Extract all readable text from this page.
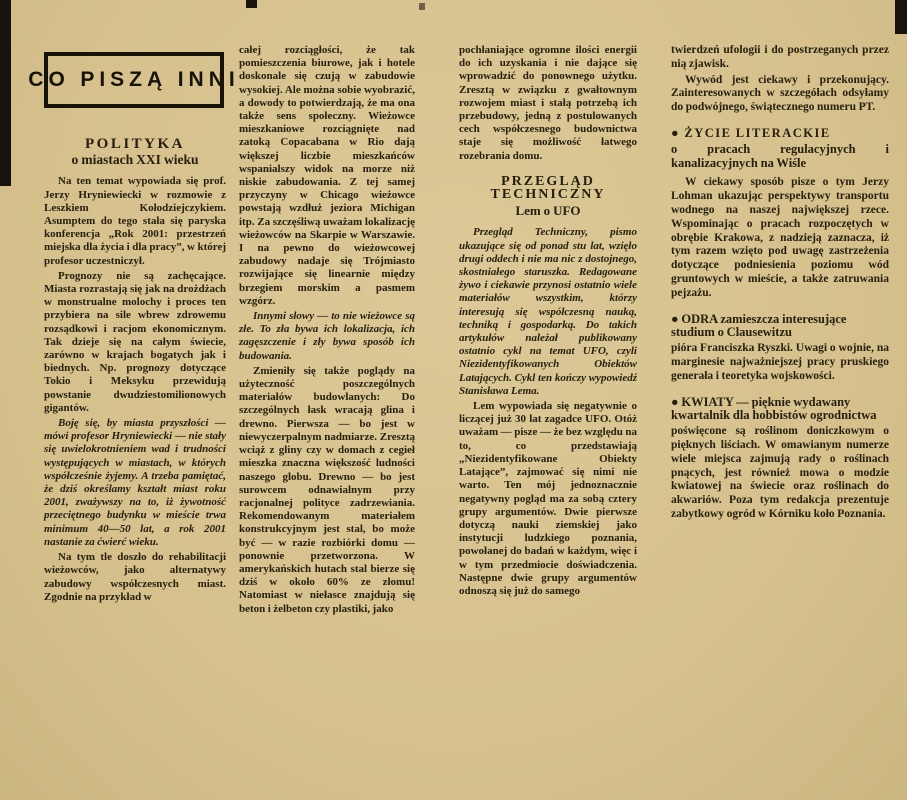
CO PISZĄ INNI
POLITYKA
o miastach XXI wieku

Na ten temat wypowiada się prof. Jerzy Hryniewiecki w rozmowie z Leszkiem Kołodziejczykiem. Asumptem do tego stała się paryska konferencja „Rok 2001: przestrzeń miejska dla życia i dla pracy”, w której profesor uczestniczył.

Prognozy nie są zachęcające. Miasta rozrastają się jak na drożdżach w monstrualne molochy i proces ten przybiera na sile wbrew zdrowemu rozsądkowi i racjom ekonomicznym. Tak dzieje się na całym świecie, zarówno w krajach bogatych jak i biednych. Np. prognozy dotyczące Tokio i Meksyku przewidują powstanie dwudziestomilionowych gigantów.

Boję się, by miasta przyszłości — mówi profesor Hryniewiecki — nie stały się uwielokrotnieniem wad i trudności występujących w miastach, w których współcześnie żyjemy. A trzeba pamiętać, że dziś określamy kształt miast roku 2001, zważywszy na to, iż żywotność przeciętnego budynku w mieście trwa minimum 40—50 lat, a rok 2001 nastanie za ćwierć wieku.

Na tym tle doszło do rehabilitacji wieżowców, jako alternatywy zabudowy współczesnych miast. Zgodnie na przykład w

całej rozciągłości, że tak pomieszczenia biurowe, jak i hotele doskonale się czują w zabudowie wysokiej. Ale można sobie wyobrazić, a dowody to potwierdzają, że ma ona także sens społeczny. Wieżowce mieszkaniowe rozciągnięte nad zatoką Copacabana w Rio dają większej liczbie mieszkańców wspanialszy widok na morze niż niskie zabudowania. Z tej samej przyczyny w Chicago wieżowce powstają wzdłuż jeziora Michigan itp. Za szczęśliwą uważam lokalizację wieżowców na Skarpie w Warszawie. I na pewno do wieżowcowej zabudowy nadaje się Trójmiasto rozwijające się linearnie między brzegiem morskim a pasmem wzgórz.

Innymi słowy — to nie wieżowce są złe. To zła bywa ich lokalizacja, ich zagęszczenie i zły bywa sposób ich budowania.

Zmieniły się także poglądy na użyteczność poszczególnych materiałów budowlanych: Do szczególnych łask wracają glina i drewno. Pierwsza — bo jest w niewyczerpalnym nadmiarze. Zresztą wciąż z gliny czy w domach z cegieł mieszka znaczna większość ludności naszego globu. Drewno — bo jest surowcem odnawialnym przy racjonalnej polityce zadrzewiania. Rekomendowanym materiałem konstrukcyjnym jest stal, bo może być — w razie rozbiórki domu — ponownie przetworzona. W amerykańskich hutach stal bierze się dziś w około 60% ze złomu! Natomiast w niełasce znajdują się beton i żelbeton czy plastiki, jako

pochłaniające ogromne ilości energii do ich uzyskania i nie dające się wprowadzić do ponownego użytku. Zresztą w związku z gwałtownym rozwojem miast i stałą potrzebą ich przebudowy, jedną z postulowanych cech współczesnego budownictwa staje się możliwość łatwego rozebrania domu.

PRZEGLĄD
TECHNICZNY
Lem o UFO

Przegląd Techniczny, pismo ukazujące się od ponad stu lat, wzięło drugi oddech i nie ma nic z dostojnego, skostniałego staruszka. Redagowane żywo i ciekawie przynosi ostatnio wiele materiałów wszystkim, którzy interesują się współczesną nauką, techniką i gospodarką. Do takich artykułów należał publikowany ostatnio cykl na temat UFO, czyli Niezidentyfikowanych Obiektów Latających. Cykl ten kończy wypowiedź Stanisława Lema.

Lem wypowiada się negatywnie o liczącej już 30 lat zagadce UFO. Otóż uważam — pisze — że bez względu na to, co przedstawiają „Niezidentyfikowane Obiekty Latające”, zajmować się nimi nie warto. Ten mój jednoznacznie negatywny pogląd ma za sobą cztery grupy argumentów. Dwie pierwsze dotyczą nauki ziemskiej jako instytucji ludzkiego poznania, powołanej do badań w każdym, więc i w tym przedmiocie doświadczenia. Następne dwie grupy argumentów odnoszą się już do samego

twierdzeń ufologii i do postrzeganych przez nią zjawisk.

Wywód jest ciekawy i przekonujący. Zainteresowanych w szczegółach odsyłamy do podwójnego, świątecznego numeru PT.

● ŻYCIE LITERACKIE
o pracach regulacyjnych i kanalizacyjnych na Wiśle

W ciekawy sposób pisze o tym Jerzy Lohman ukazując perspektywy transportu wodnego na naszej największej rzece. Wspominając o pracach rozpoczętych w obrębie Krakowa, z nadzieją zaznacza, iż tym razem wzięto pod uwagę zastrzeżenia dotyczące podniesienia poziomu wód gruntowych w mieście, a także zatruwania pejzażu.

● ODRA zamieszcza interesujące studium o Clausewitzu

pióra Franciszka Ryszki. Uwagi o wojnie, na marginesie najważniejszej pracy pruskiego generała i teoretyka wojskowości.

● KWIATY — pięknie wydawany kwartalnik dla hobbistów ogrodnictwa

poświęcone są roślinom doniczkowym o pięknych liściach. W omawianym numerze wiele miejsca zajmują rady o roślinach pnących, jest również mowa o modzie kwiatowej na świecie oraz roślinach do akwariów. Poza tym redakcja prezentuje zabytkowy ogród w Kórniku koło Poznania.
